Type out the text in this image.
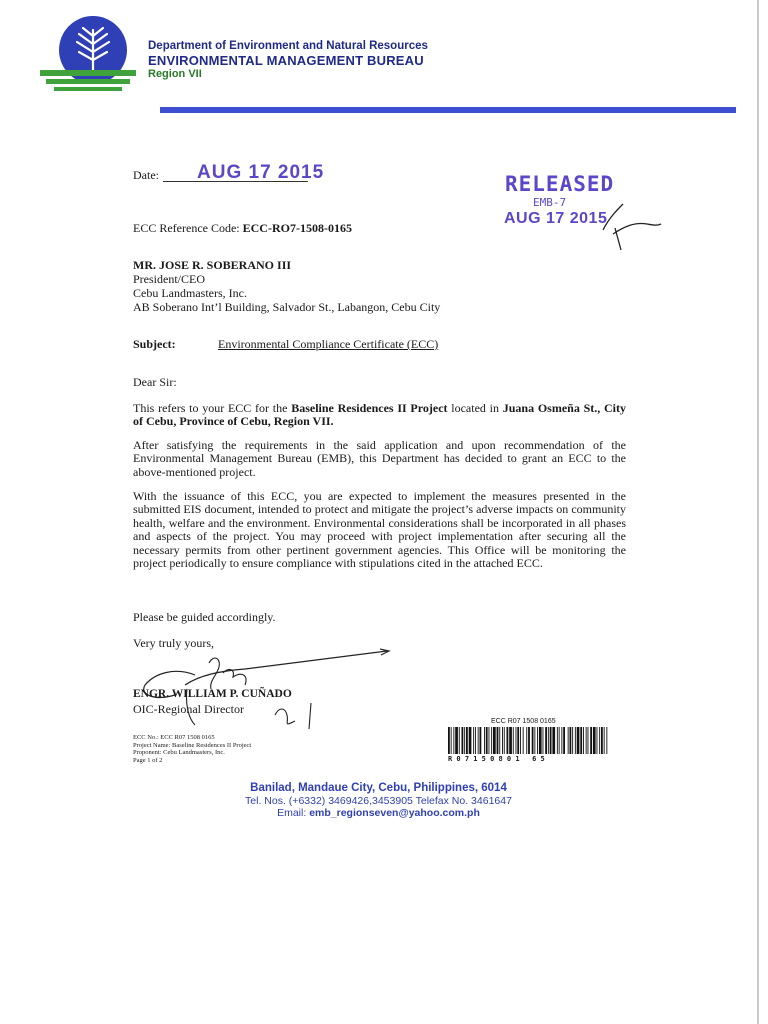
Department of Environment and Natural Resources
ENVIRONMENTAL MANAGEMENT BUREAU
Region VII
Date: AUG 17 2015	RELEASED
EMB-7
AUG 17 2015
ECC Reference Code: ECC-RO7-1508-0165
MR. JOSE R. SOBERANO III
President/CEO
Cebu Landmasters, Inc.
AB Soberano Int’l Building, Salvador St., Labangon, Cebu City
Subject:	Environmental Compliance Certificate (ECC)
Dear Sir:
This refers to your ECC for the Baseline Residences II Project located in Juana Osmeña St., City of Cebu, Province of Cebu, Region VII.
After satisfying the requirements in the said application and upon recommendation of the Environmental Management Bureau (EMB), this Department has decided to grant an ECC to the above-mentioned project.
With the issuance of this ECC, you are expected to implement the measures presented in the submitted EIS document, intended to protect and mitigate the project’s adverse impacts on community health, welfare and the environment. Environmental considerations shall be incorporated in all phases and aspects of the project. You may proceed with project implementation after securing all the necessary permits from other pertinent government agencies. This Office will be monitoring the project periodically to ensure compliance with stipulations cited in the attached ECC.
Please be guided accordingly.
Very truly yours,
ENGR. WILLIAM P. CUÑADO
OIC-Regional Director
ECC No.: ECC R07 1508 0165
Project Name: Baseline Residences II Project
Proponent: Cebu Landmasters, Inc.
Page 1 of 2
ECC R07 1508 0165
R07150801 65
Banilad, Mandaue City, Cebu, Philippines, 6014
Tel. Nos. (+6332) 3469426,3453905 Telefax No. 3461647
Email: emb_regionseven@yahoo.com.ph
